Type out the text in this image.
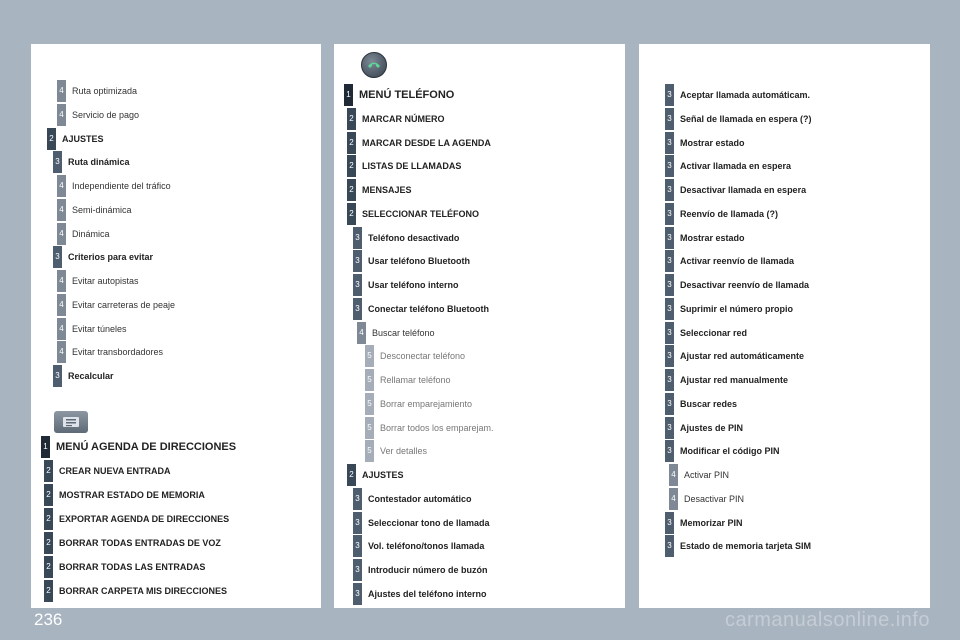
4 Ruta optimizada
4 Servicio de pago
2 AJUSTES
3 Ruta dinámica
4 Independiente del tráfico
4 Semi-dinámica
4 Dinámica
3 Criterios para evitar
4 Evitar autopistas
4 Evitar carreteras de peaje
4 Evitar túneles
4 Evitar transbordadores
3 Recalcular
1 MENÚ AGENDA DE DIRECCIONES
2 CREAR NUEVA ENTRADA
2 MOSTRAR ESTADO DE MEMORIA
2 EXPORTAR AGENDA DE DIRECCIONES
2 BORRAR TODAS ENTRADAS DE VOZ
2 BORRAR TODAS LAS ENTRADAS
2 BORRAR CARPETA MIS DIRECCIONES
1 MENÚ TELÉFONO
2 MARCAR NÚMERO
2 MARCAR DESDE LA AGENDA
2 LISTAS DE LLAMADAS
2 MENSAJES
2 SELECCIONAR TELÉFONO
3 Teléfono desactivado
3 Usar teléfono Bluetooth
3 Usar teléfono interno
3 Conectar teléfono Bluetooth
4 Buscar teléfono
5 Desconectar teléfono
5 Rellamar teléfono
5 Borrar emparejamiento
5 Borrar todos los emparejam.
5 Ver detalles
2 AJUSTES
3 Contestador automático
3 Seleccionar tono de llamada
3 Vol. teléfono/tonos llamada
3 Introducir número de buzón
3 Ajustes del teléfono interno
3 Aceptar llamada automáticam.
3 Señal de llamada en espera (?)
3 Mostrar estado
3 Activar llamada en espera
3 Desactivar llamada en espera
3 Reenvío de llamada (?)
3 Mostrar estado
3 Activar reenvío de llamada
3 Desactivar reenvío de llamada
3 Suprimir el número propio
3 Seleccionar red
3 Ajustar red automáticamente
3 Ajustar red manualmente
3 Buscar redes
3 Ajustes de PIN
3 Modificar el código PIN
4 Activar PIN
4 Desactivar PIN
3 Memorizar PIN
3 Estado de memoria tarjeta SIM
236	carmanualsonline.info
